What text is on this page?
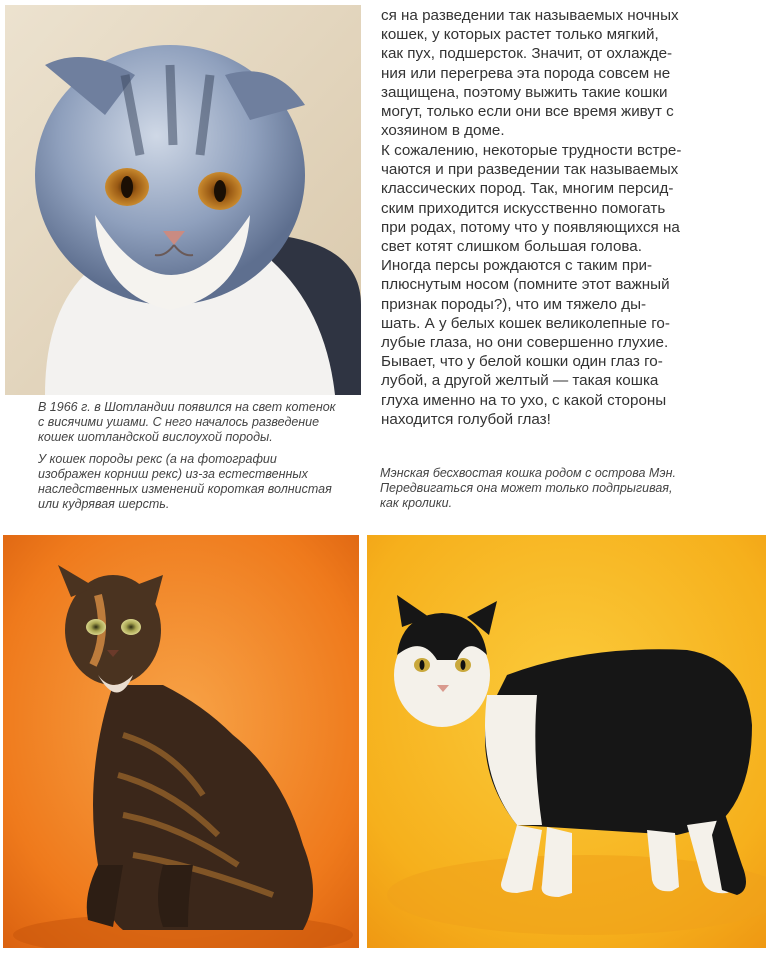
В 1966 г. в Шотландии появился на свет котенок
с висячими ушами. С него началось разведение
кошек шотландской вислоухой породы.

У кошек породы рекс (а на фотографии
изображен корниш рекс) из-за естественных
наследственных изменений короткая волнистая
или кудрявая шерсть.

ся на разведении так называемых ночных
кошек, у которых растет только мягкий,
как пух, подшерсток. Значит, от охлажде-
ния или перегрева эта порода совсем не
защищена, поэтому выжить такие кошки
могут, только если они все время живут с
хозяином в доме.

К сожалению, некоторые трудности встре-
чаются и при разведении так называемых
классических пород. Так, многим персид-
ским приходится искусственно помогать
при родах, потому что у появляющихся на
свет котят слишком большая голова.
Иногда персы рождаются с таким при-
плюснутым носом (помните этот важный
признак породы?), что им тяжело ды-
шать. А у белых кошек великолепные го-
лубые глаза, но они совершенно глухие.
Бывает, что у белой кошки один глаз го-
лубой, а другой желтый — такая кошка
глуха именно на то ухо, с какой стороны
находится голубой глаз!

Мэнская бесхвостая кошка родом с острова Мэн.
Передвигаться она может только подпрыгивая,
как кролики.
